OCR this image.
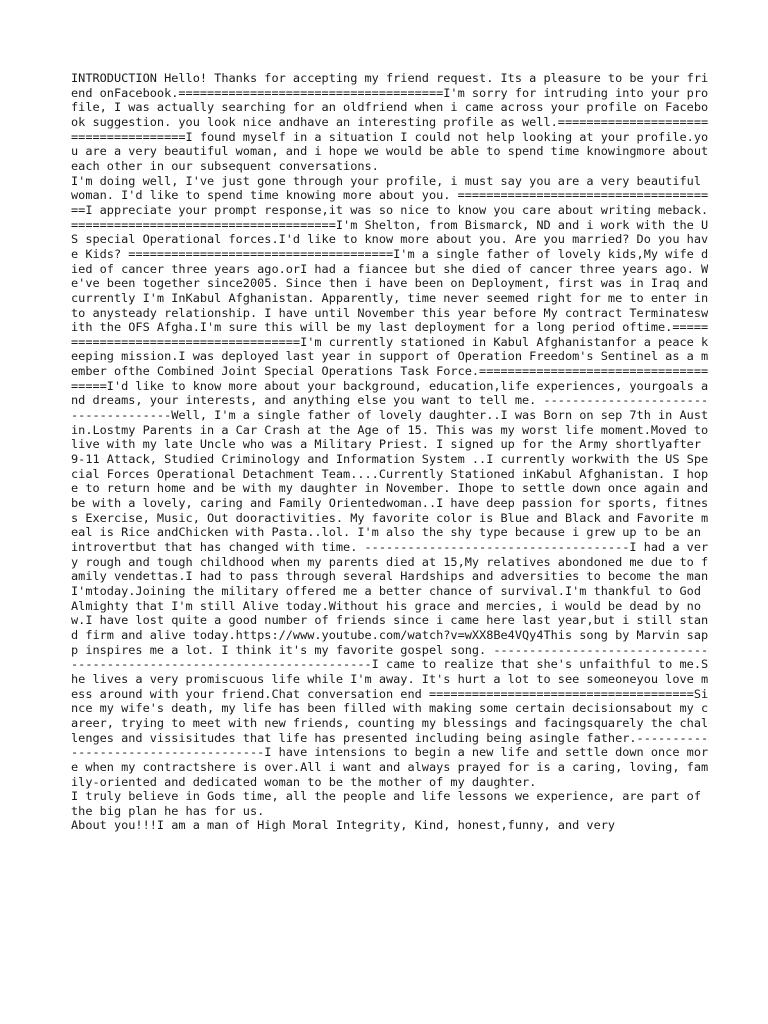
INTRODUCTION Hello! Thanks for accepting my friend request. Its a pleasure to be your friend onFacebook.=====================================I'm sorry for intruding into your profile, I was actually searching for an oldfriend when i came across your profile on Facebook suggestion. you look nice andhave an interesting profile as well.=====================================I found myself in a situation I could not help looking at your profile.you are a very beautiful woman, and i hope we would be able to spend time knowingmore about each other in our subsequent conversations.

I'm doing well, I've just gone through your profile, i must say you are a very beautiful woman. I'd like to spend time knowing more about you. =====================================I appreciate your prompt response,it was so nice to know you care about writing meback.=====================================I'm Shelton, from Bismarck, ND and i work with the US special Operational forces.I'd like to know more about you. Are you married? Do you have Kids? =====================================I'm a single father of lovely kids,My wife died of cancer three years ago.orI had a fiancee but she died of cancer three years ago. We've been together since2005. Since then i have been on Deployment, first was in Iraq and currently I'm InKabul Afghanistan. Apparently, time never seemed right for me to enter into anysteady relationship. I have until November this year before My contract Terminateswith the OFS Afgha.I'm sure this will be my last deployment for a long period oftime.=====================================I'm currently stationed in Kabul Afghanistanfor a peace keeping mission.I was deployed last year in support of Operation Freedom's Sentinel as a member ofthe Combined Joint Special Operations Task Force.=====================================I'd like to know more about your background, education,life experiences, yourgoals and dreams, your interests, and anything else you want to tell me. -------------------------------------Well, I'm a single father of lovely daughter..I was Born on sep 7th in Austin.Lostmy Parents in a Car Crash at the Age of 15. This was my worst life moment.Moved tolive with my late Uncle who was a Military Priest. I signed up for the Army shortlyafter 9-11 Attack, Studied Criminology and Information System ..I currently workwith the US Special Forces Operational Detachment Team....Currently Stationed inKabul Afghanistan. I hope to return home and be with my daughter in November. Ihope to settle down once again and be with a lovely, caring and Family Orientedwoman..I have deep passion for sports, fitness Exercise, Music, Out dooractivities. My favorite color is Blue and Black and Favorite meal is Rice andChicken with Pasta..lol. I'm also the shy type because i grew up to be an introvertbut that has changed with time. -------------------------------------I had a very rough and tough childhood when my parents died at 15,My relatives abondoned me due to family vendettas.I had to pass through several Hardships and adversities to become the man I'mtoday.Joining the military offered me a better chance of survival.I'm thankful to God Almighty that I'm still Alive today.Without his grace and mercies, i would be dead by now.I have lost quite a good number of friends since i came here last year,but i still stand firm and alive today.https://www.youtube.com/watch?v=wXX8Be4VQy4This song by Marvin sapp inspires me a lot. I think it's my favorite gospel song. ------------------------------------------------------------------------I came to realize that she's unfaithful to me.She lives a very promiscuous life while I'm away. It's hurt a lot to see someoneyou love mess around with your friend.Chat conversation end =====================================Since my wife's death, my life has been filled with making some certain decisionsabout my career, trying to meet with new friends, counting my blessings and facingsquarely the challenges and vissisitudes that life has presented including being asingle father.-------------------------------------I have intensions to begin a new life and settle down once more when my contractshere is over.All i want and always prayed for is a caring, loving, family-oriented and dedicated woman to be the mother of my daughter.

I truly believe in Gods time, all the people and life lessons we experience, are part of the big plan he has for us.

About you!!!I am a man of High Moral Integrity, Kind, honest,funny, and very
